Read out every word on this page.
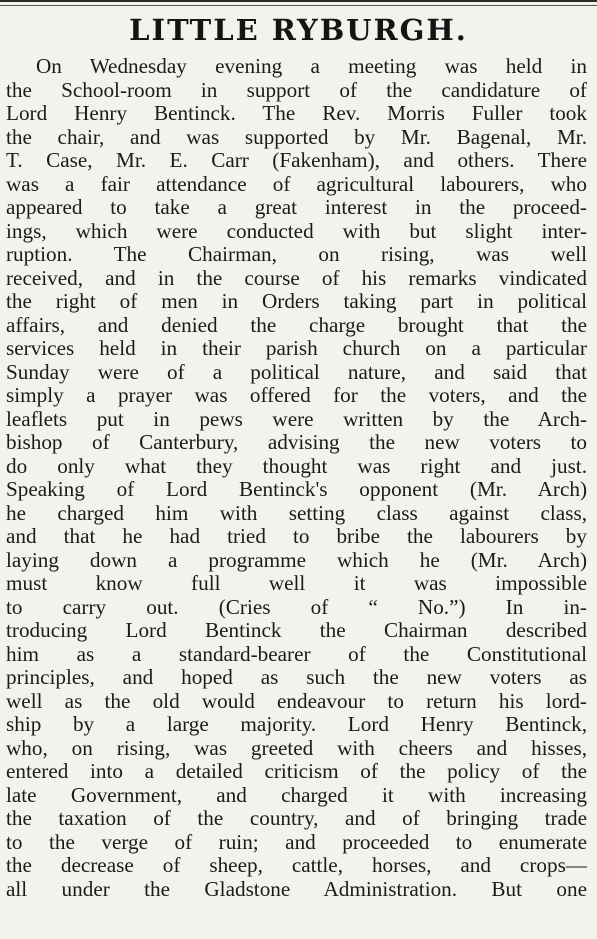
LITTLE RYBURGH.
On Wednesday evening a meeting was held in
the School-room in support of the candidature of
Lord Henry Bentinck. The Rev. Morris Fuller took
the chair, and was supported by Mr. Bagenal, Mr.
T. Case, Mr. E. Carr (Fakenham), and others. There
was a fair attendance of agricultural labourers, who
appeared to take a great interest in the proceed-
ings, which were conducted with but slight inter-
ruption. The Chairman, on rising, was well
received, and in the course of his remarks vindicated
the right of men in Orders taking part in political
affairs, and denied the charge brought that the
services held in their parish church on a particular
Sunday were of a political nature, and said that
simply a prayer was offered for the voters, and the
leaflets put in pews were written by the Arch-
bishop of Canterbury, advising the new voters to
do only what they thought was right and just.
Speaking of Lord Bentinck's opponent (Mr. Arch)
he charged him with setting class against class,
and that he had tried to bribe the labourers by
laying down a programme which he (Mr. Arch)
must know full well it was impossible
to carry out. (Cries of “ No.”) In in-
troducing Lord Bentinck the Chairman described
him as a standard-bearer of the Constitutional
principles, and hoped as such the new voters as
well as the old would endeavour to return his lord-
ship by a large majority. Lord Henry Bentinck,
who, on rising, was greeted with cheers and hisses,
entered into a detailed criticism of the policy of the
late Government, and charged it with increasing
the taxation of the country, and of bringing trade
to the verge of ruin; and proceeded to enumerate
the decrease of sheep, cattle, horses, and crops—
all under the Gladstone Administration. But one
